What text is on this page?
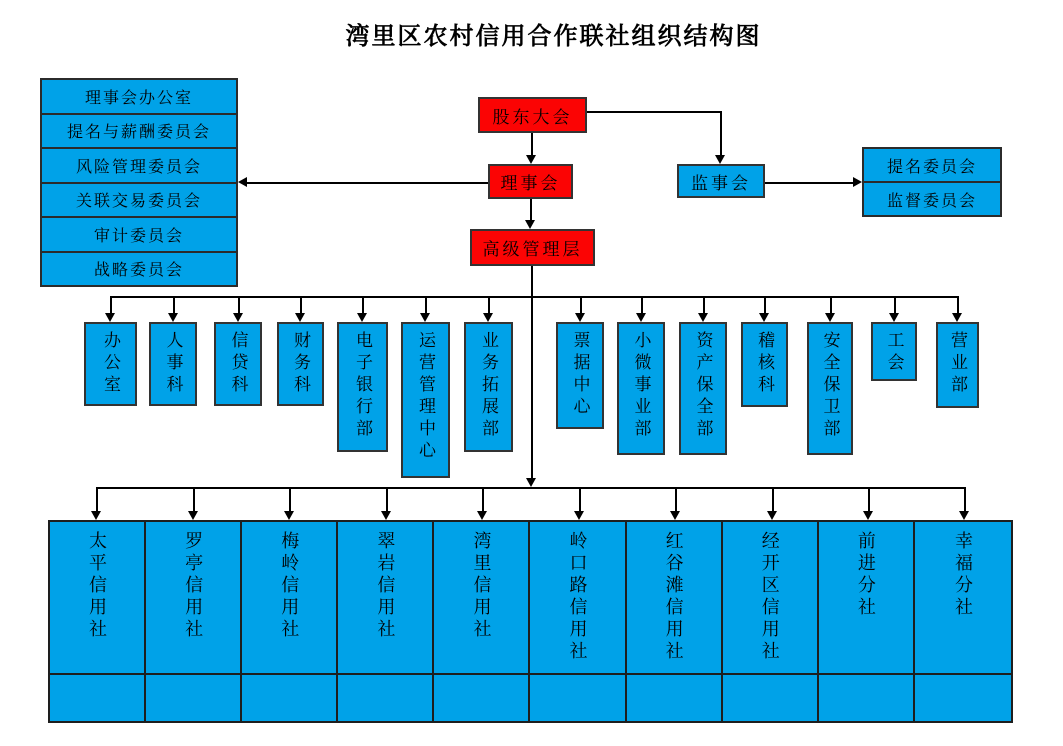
湾里区农村信用合作联社组织结构图
理事会办公室
提名与薪酬委员会
风险管理委员会
关联交易委员会
审计委员会
战略委员会
股东大会
理事会	监事会
高级管理层
提名委员会
监督委员会
办公室	人事科	信贷科	财务科	电子银行部	运营管理中心	业务拓展部	票据中心 小微事业部	资产保全部	稽核科	安全保卫部	工会	营业部
太平信用社	罗亭信用社	梅岭信用社	翠岩信用社	湾里信用社	岭口路信用社	红谷滩信用社	经开区信用社	前进分社	幸福分社
